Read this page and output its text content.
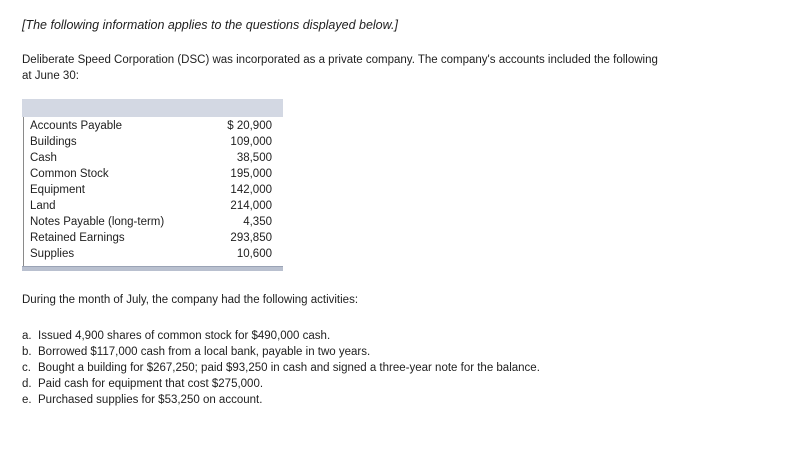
[The following information applies to the questions displayed below.]
Deliberate Speed Corporation (DSC) was incorporated as a private company. The company's accounts included the following at June 30:
Accounts Payable	$ 20,900
Buildings	109,000
Cash	38,500
Common Stock	195,000
Equipment	142,000
Land	214,000
Notes Payable (long-term)	4,350
Retained Earnings	293,850
Supplies	10,600
During the month of July, the company had the following activities:
a. Issued 4,900 shares of common stock for $490,000 cash.
b. Borrowed $117,000 cash from a local bank, payable in two years.
c. Bought a building for $267,250; paid $93,250 in cash and signed a three-year note for the balance.
d. Paid cash for equipment that cost $275,000.
e. Purchased supplies for $53,250 on account.
